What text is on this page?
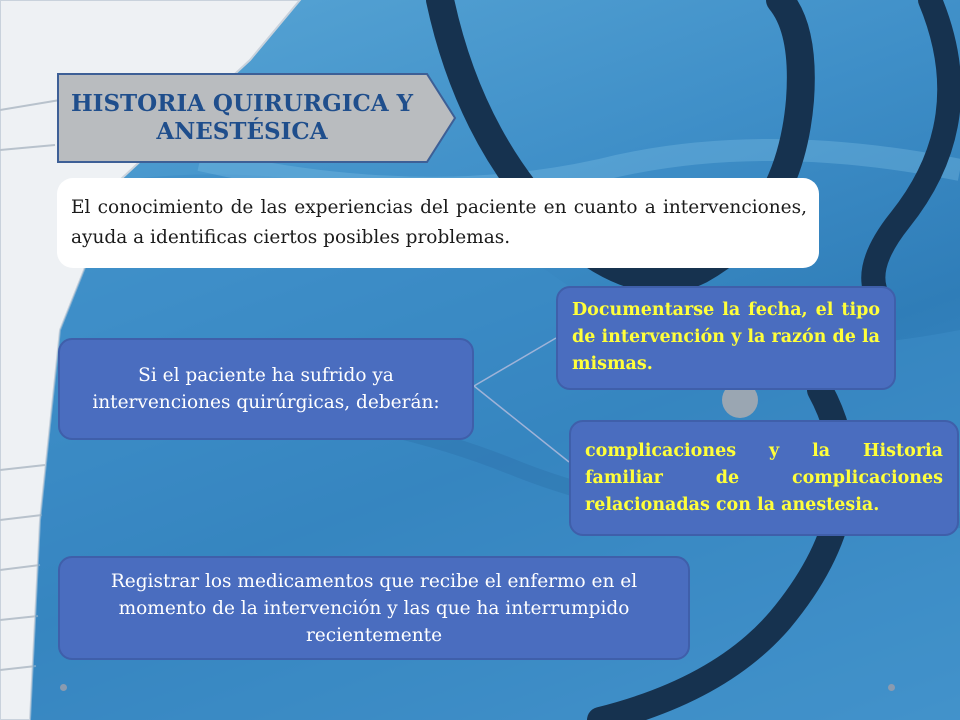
HISTORIA QUIRURGICA Y
ANESTÉSICA
El conocimiento de las experiencias del paciente en cuanto a intervenciones, ayuda a identificas ciertos posibles problemas.
Si el paciente ha sufrido ya intervenciones quirúrgicas, deberán:
Documentarse la fecha, el tipo de intervención y la razón de la mismas.
complicaciones y la Historia familiar de complicaciones relacionadas con la anestesia.
Registrar los medicamentos que recibe el enfermo en el momento de la intervención y las que ha interrumpido recientemente
